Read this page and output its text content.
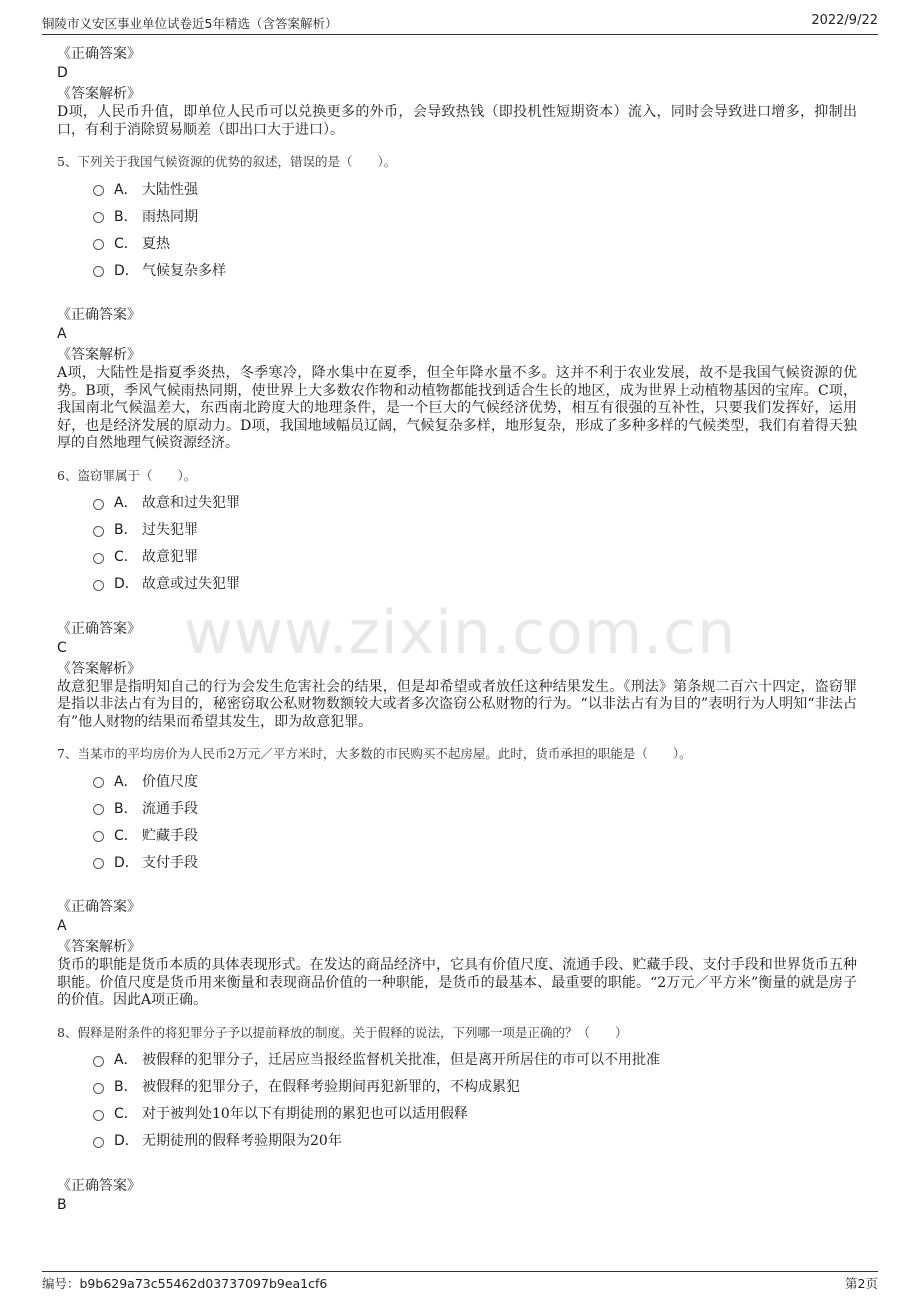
铜陵市义安区事业单位试卷近5年精选（含答案解析）	2022/9/22
www.zixin.com.cn
《正确答案》
D
《答案解析》
D项，人民币升值，即单位人民币可以兑换更多的外币，会导致热钱（即投机性短期资本）流入，同时会导致进口增多，抑制出口，有利于消除贸易顺差（即出口大于进口）。
5、下列关于我国气候资源的优势的叙述，错误的是（　　）。
A． 大陆性强
B． 雨热同期
C． 夏热
D． 气候复杂多样
《正确答案》
A
《答案解析》
A项，大陆性是指夏季炎热，冬季寒冷，降水集中在夏季，但全年降水量不多。这并不利于农业发展，故不是我国气候资源的优势。B项，季风气候雨热同期，使世界上大多数农作物和动植物都能找到适合生长的地区，成为世界上动植物基因的宝库。C项，我国南北气候温差大，东西南北跨度大的地理条件，是一个巨大的气候经济优势，相互有很强的互补性，只要我们发挥好，运用好，也是经济发展的原动力。D项，我国地域幅员辽阔，气候复杂多样，地形复杂，形成了多种多样的气候类型，我们有着得天独厚的自然地理气候资源经济。
6、盗窃罪属于（　　）。
A． 故意和过失犯罪
B． 过失犯罪
C． 故意犯罪
D． 故意或过失犯罪
《正确答案》
C
《答案解析》
故意犯罪是指明知自己的行为会发生危害社会的结果，但是却希望或者放任这种结果发生。《刑法》第条规二百六十四定，盗窃罪是指以非法占有为目的，秘密窃取公私财物数额较大或者多次盗窃公私财物的行为。“以非法占有为目的”表明行为人明知“非法占有”他人财物的结果而希望其发生，即为故意犯罪。
7、当某市的平均房价为人民币2万元／平方米时，大多数的市民购买不起房屋。此时，货币承担的职能是（　　）。
A． 价值尺度
B． 流通手段
C． 贮藏手段
D． 支付手段
《正确答案》
A
《答案解析》
货币的职能是货币本质的具体表现形式。在发达的商品经济中，它具有价值尺度、流通手段、贮藏手段、支付手段和世界货币五种职能。价值尺度是货币用来衡量和表现商品价值的一种职能，是货币的最基本、最重要的职能。“2万元／平方米”衡量的就是房子的价值。因此A项正确。
8、假释是附条件的将犯罪分子予以提前释放的制度。关于假释的说法，下列哪一项是正确的？（　　）
A． 被假释的犯罪分子，迁居应当报经监督机关批准，但是离开所居住的市可以不用批准
B． 被假释的犯罪分子，在假释考验期间再犯新罪的，不构成累犯
C． 对于被判处10年以下有期徒刑的累犯也可以适用假释
D． 无期徒刑的假释考验期限为20年
《正确答案》
B
编号：b9b629a73c55462d03737097b9ea1cf6	第2页
